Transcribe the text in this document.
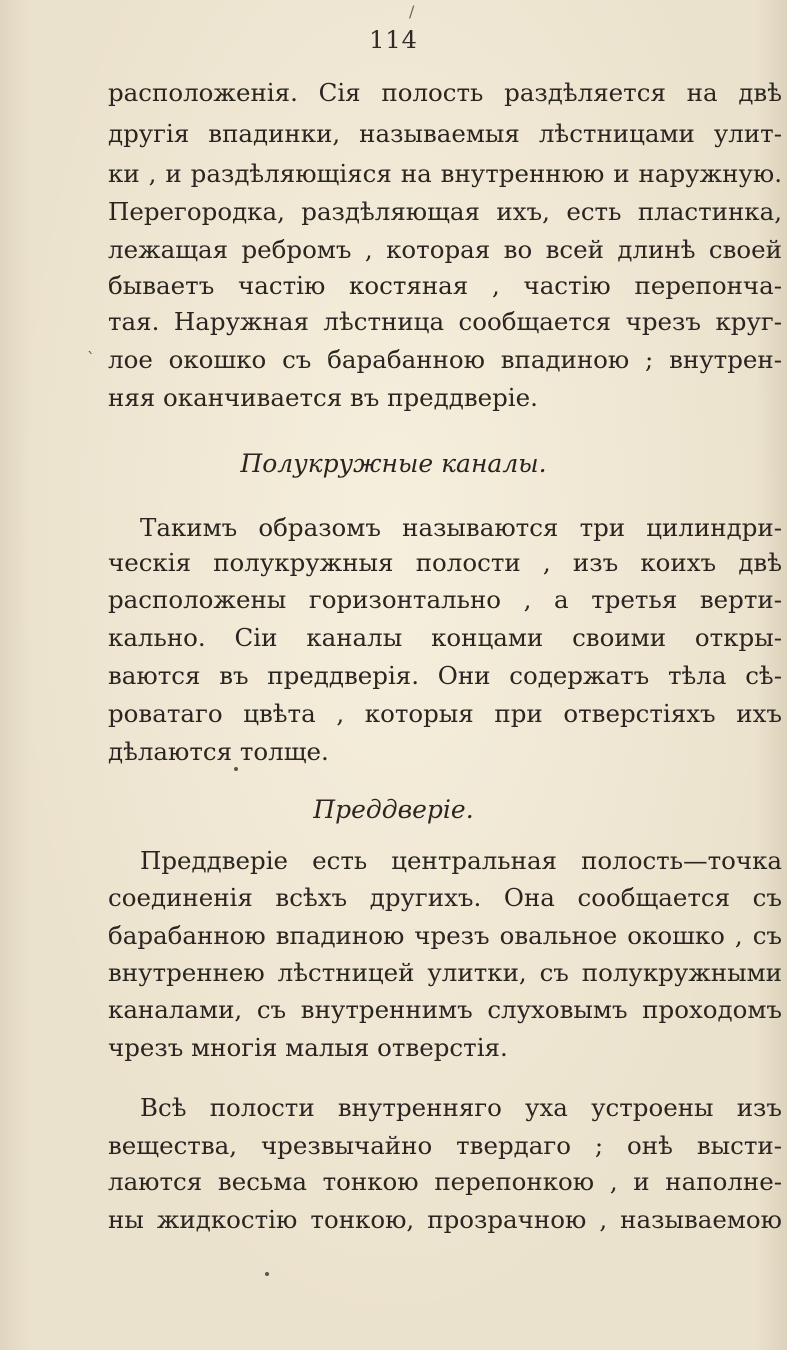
/
114
`
расположенія. Сія полость раздѣляется на двѣ
другія впадинки, называемыя лѣстницами улит-
ки , и раздѣляющіяся на внутреннюю и наружную.
Перегородка, раздѣляющая ихъ, есть пластинка,
лежащая ребромъ , которая во всей длинѣ своей
бываетъ частію костяная , частію перепонча-
тая. Наружная лѣстница сообщается чрезъ круг-
лое окошко съ барабанною впадиною ; внутрен-
няя оканчивается въ преддверіе.
Полукружные каналы.
Такимъ образомъ называются три цилиндри-
ческія полукружныя полости , изъ коихъ двѣ
расположены горизонтально , а третья верти-
кально. Сіи каналы концами своими откры-
ваются въ преддверія. Они содержатъ тѣла сѣ-
роватаго цвѣта , которыя при отверстіяхъ ихъ
дѣлаются толще.
Преддверіе.
Преддверіе есть центральная полость—точка
соединенія всѣхъ другихъ. Она сообщается съ
барабанною впадиною чрезъ овальное окошко , съ
внутреннею лѣстницей улитки, съ полукружными
каналами, съ внутреннимъ слуховымъ проходомъ
чрезъ многія малыя отверстія.
Всѣ полости внутренняго уха устроены изъ
вещества, чрезвычайно твердаго ; онѣ высти-
лаются весьма тонкою перепонкою , и наполне-
ны жидкостію тонкою, прозрачною , называемою
